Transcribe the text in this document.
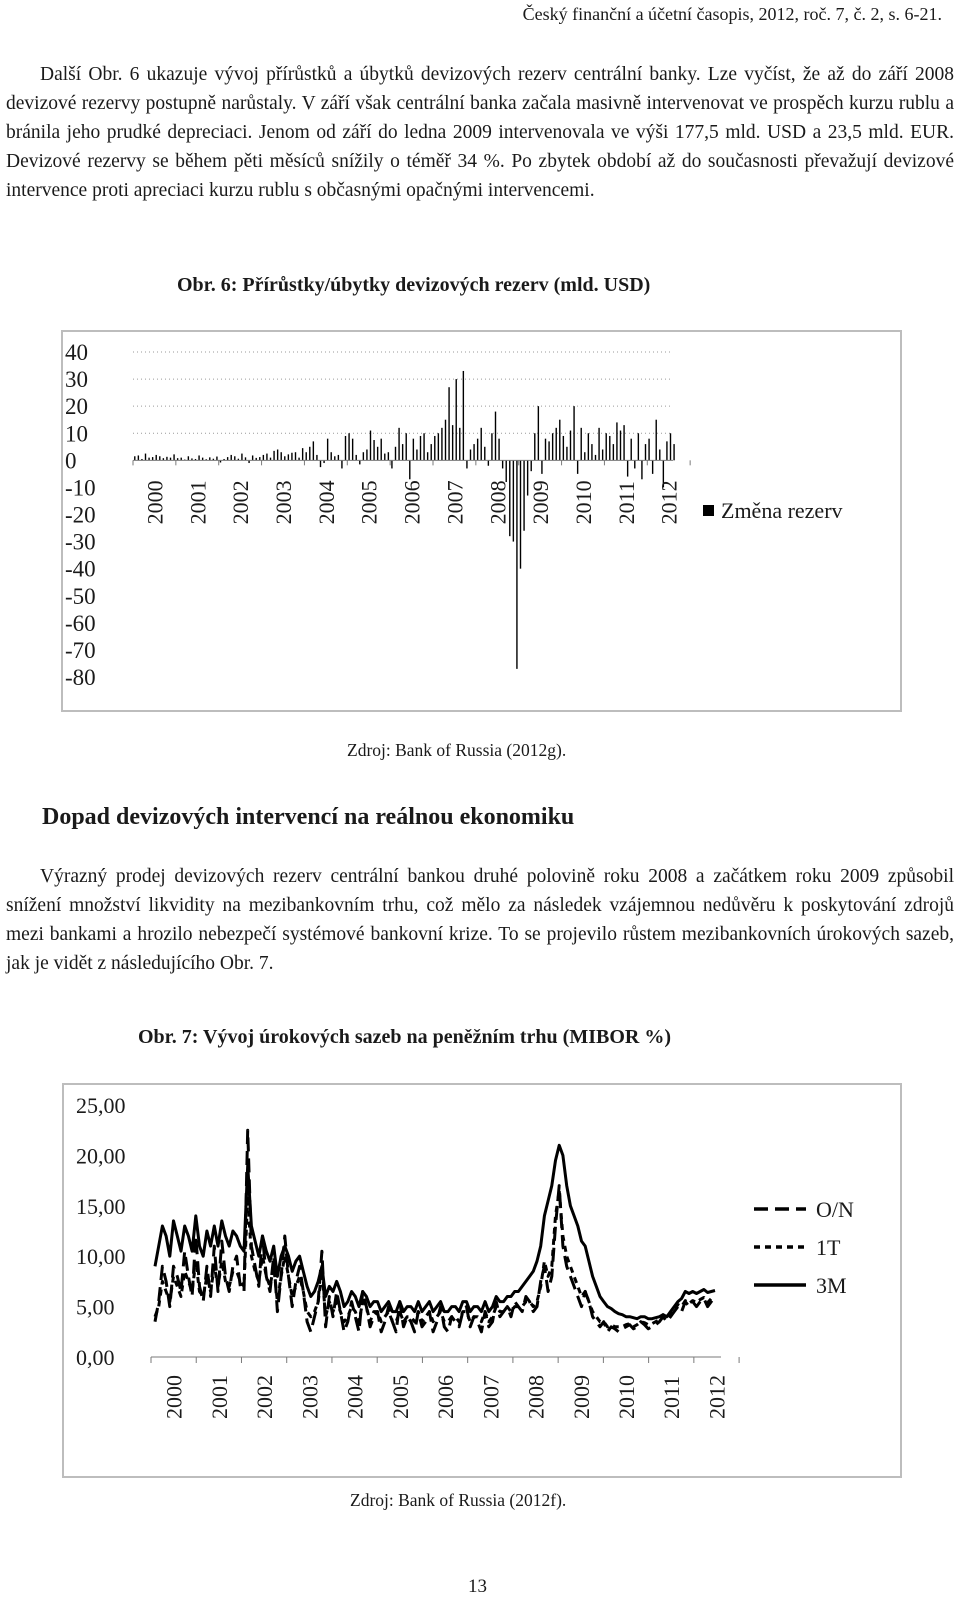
Český finanční a účetní časopis, 2012, roč. 7, č. 2, s. 6-21.

Další Obr. 6 ukazuje vývoj přírůstků a úbytků devizových rezerv centrální banky. Lze vyčíst, že až do září 2008 devizové rezervy postupně narůstaly. V září však centrální banka začala masivně intervenovat ve prospěch kurzu rublu a bránila jeho prudké depreciaci. Jenom od září do ledna 2009 intervenovala ve výši 177,5 mld. USD a 23,5 mld. EUR. Devizové rezervy se během pěti měsíců snížily o téměř 34 %. Po zbytek období až do současnosti převažují devizové intervence proti apreciaci kurzu rublu s občasnými opačnými intervencemi.

Obr. 6: Přírůstky/úbytky devizových rezerv (mld. USD)

40
30
20
10
0
-10
-20
-30
-40
-50
-60
-70
-80
2000 2001 2002 2003 2004 2005 2006 2007 2008 2009 2010 2011 2012 Změna rezerv
Zdroj: Bank of Russia (2012g).
Dopad devizových intervencí na reálnou ekonomiku

Výrazný prodej devizových rezerv centrální bankou druhé polovině roku 2008 a začátkem roku 2009 způsobil snížení množství likvidity na mezibankovním trhu, což mělo za následek vzájemnou nedůvěru k poskytování zdrojů mezi bankami a hrozilo nebezpečí systémové bankovní krize. To se projevilo růstem mezibankovních úrokových sazeb, jak je vidět z následujícího Obr. 7.

Obr. 7: Vývoj úrokových sazeb na peněžním trhu (MIBOR %)

25,00
20,00
15,00
10,00
5,00
0,00
2000 2001 2002 2003 2004 2005 2006 2007 2008 2009 2010 2011 2012
O/N
1T
3M
Zdroj: Bank of Russia (2012f).
13
